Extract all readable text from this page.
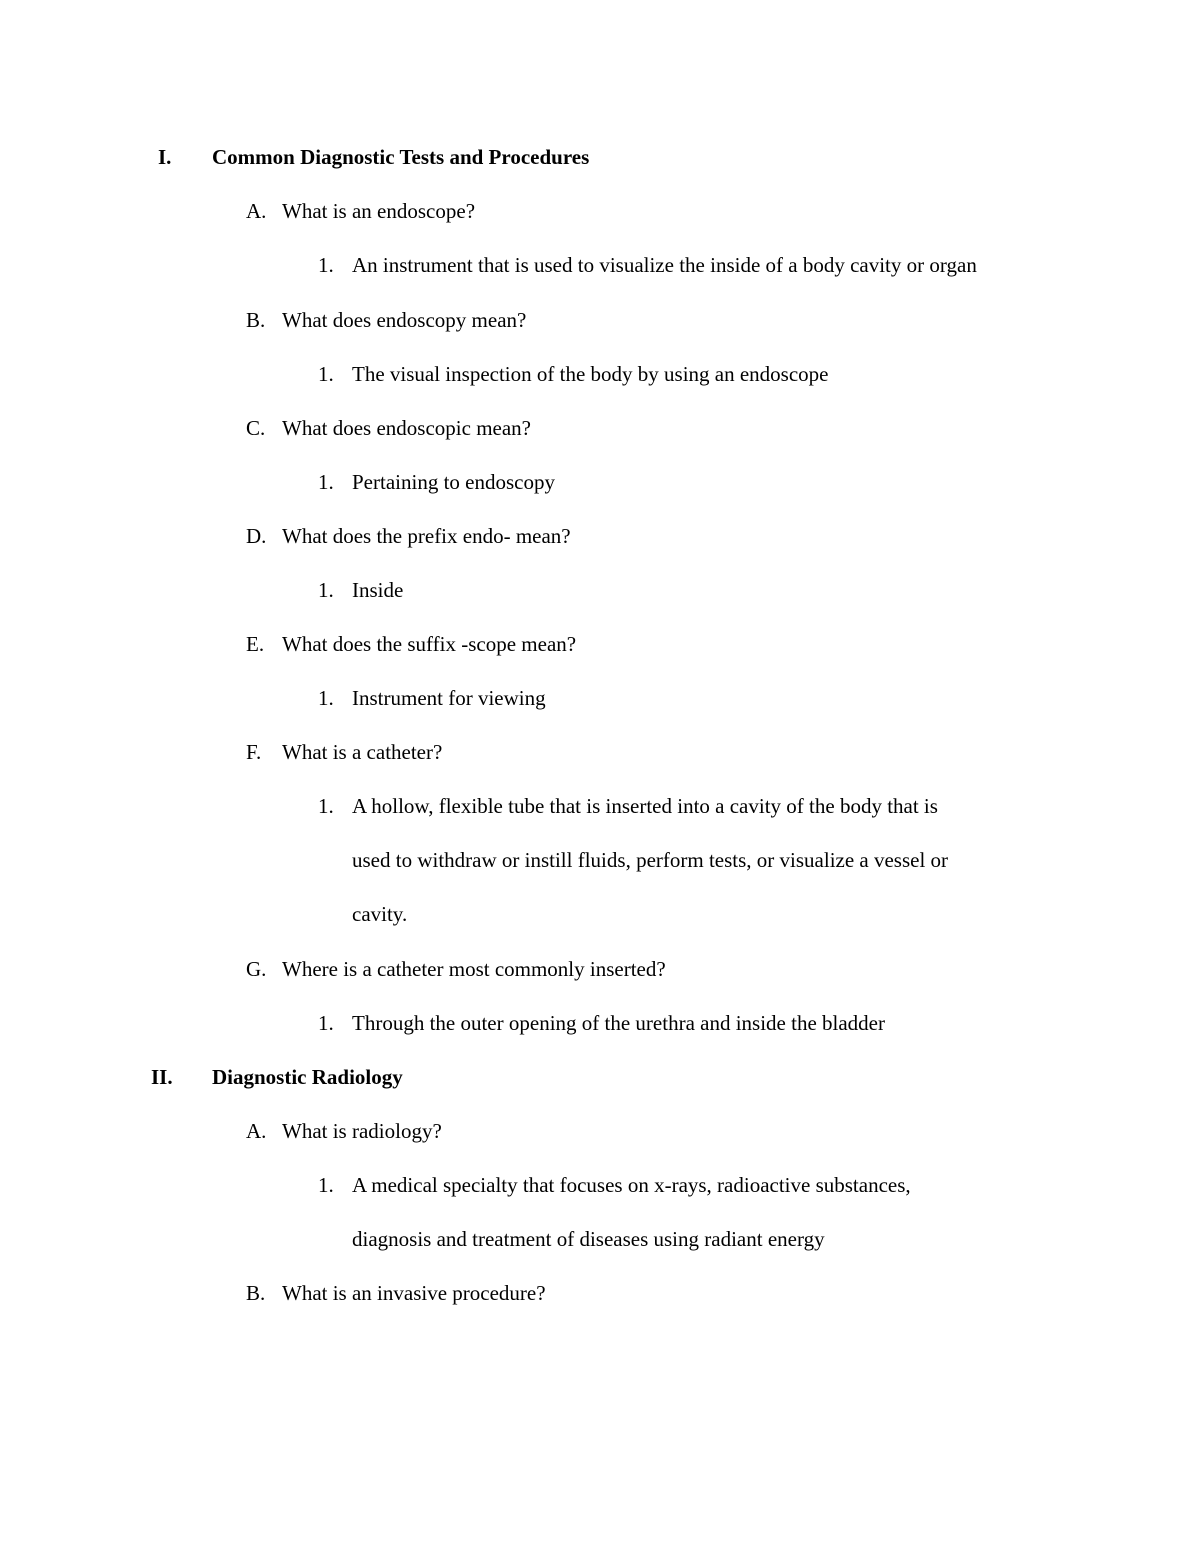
I. Common Diagnostic Tests and Procedures
A. What is an endoscope?
1. An instrument that is used to visualize the inside of a body cavity or organ
B. What does endoscopy mean?
1. The visual inspection of the body by using an endoscope
C. What does endoscopic mean?
1. Pertaining to endoscopy
D. What does the prefix endo- mean?
1. Inside
E. What does the suffix -scope mean?
1. Instrument for viewing
F. What is a catheter?
1. A hollow, flexible tube that is inserted into a cavity of the body that is
used to withdraw or instill fluids, perform tests, or visualize a vessel or
cavity.
G. Where is a catheter most commonly inserted?
1. Through the outer opening of the urethra and inside the bladder
II. Diagnostic Radiology
A. What is radiology?
1. A medical specialty that focuses on x-rays, radioactive substances,
diagnosis and treatment of diseases using radiant energy
B. What is an invasive procedure?
